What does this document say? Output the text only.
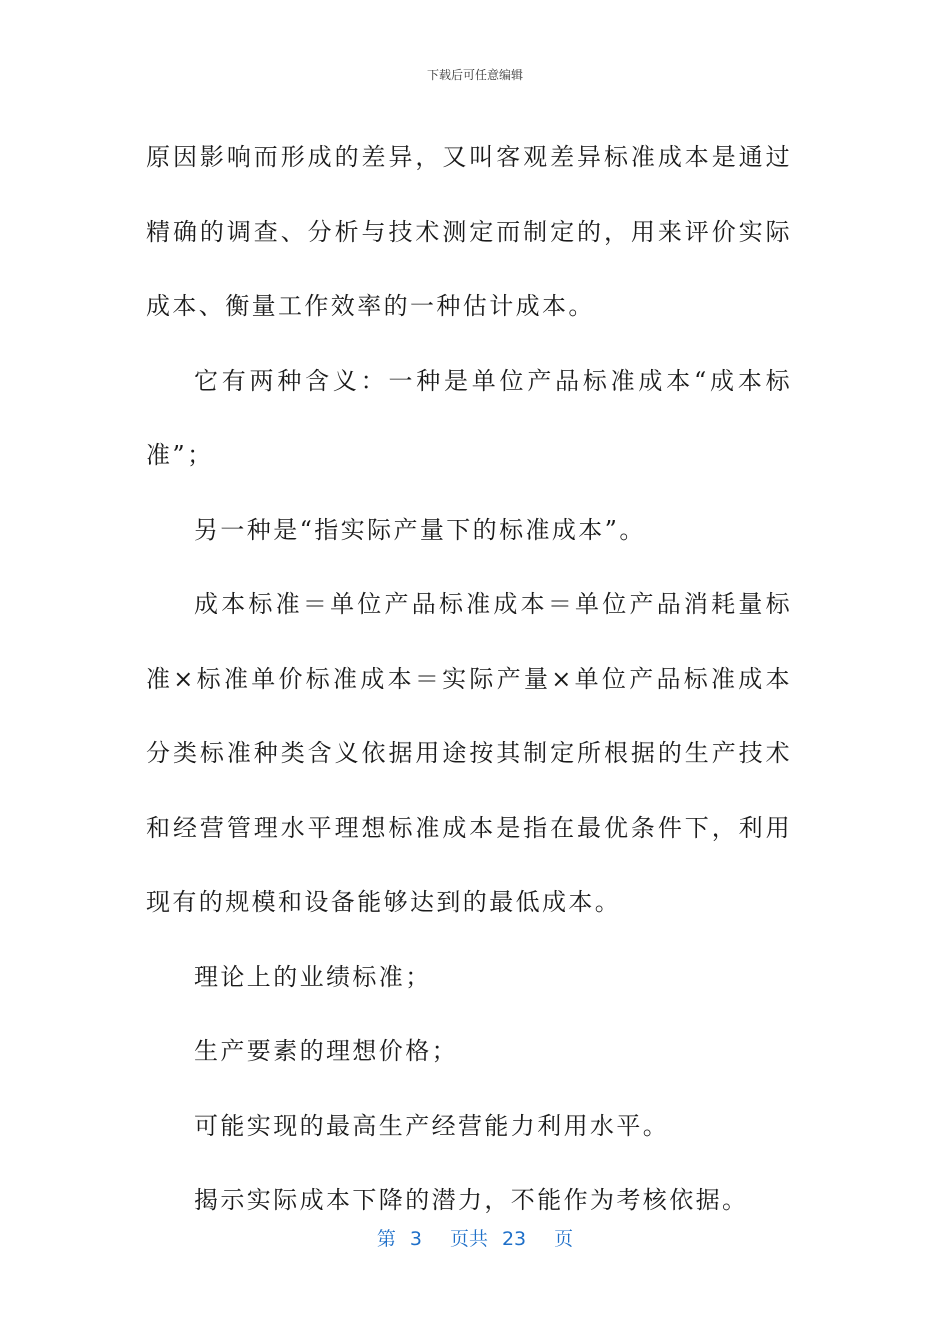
下载后可任意编辑

原因影响而形成的差异，又叫客观差异标准成本是通过精确的调查、分析与技术测定而制定的，用来评价实际成本、衡量工作效率的一种估计成本。

它有两种含义：一种是单位产品标准成本“成本标准”；

另一种是“指实际产量下的标准成本”。

成本标准＝单位产品标准成本＝单位产品消耗量标准×标准单价标准成本＝实际产量×单位产品标准成本分类标准种类含义依据用途按其制定所根据的生产技术和经营管理水平理想标准成本是指在最优条件下，利用现有的规模和设备能够达到的最低成本。

理论上的业绩标准；

生产要素的理想价格；

可能实现的最高生产经营能力利用水平。

揭示实际成本下降的潜力，不能作为考核依据。

第 3 页共 23 页
